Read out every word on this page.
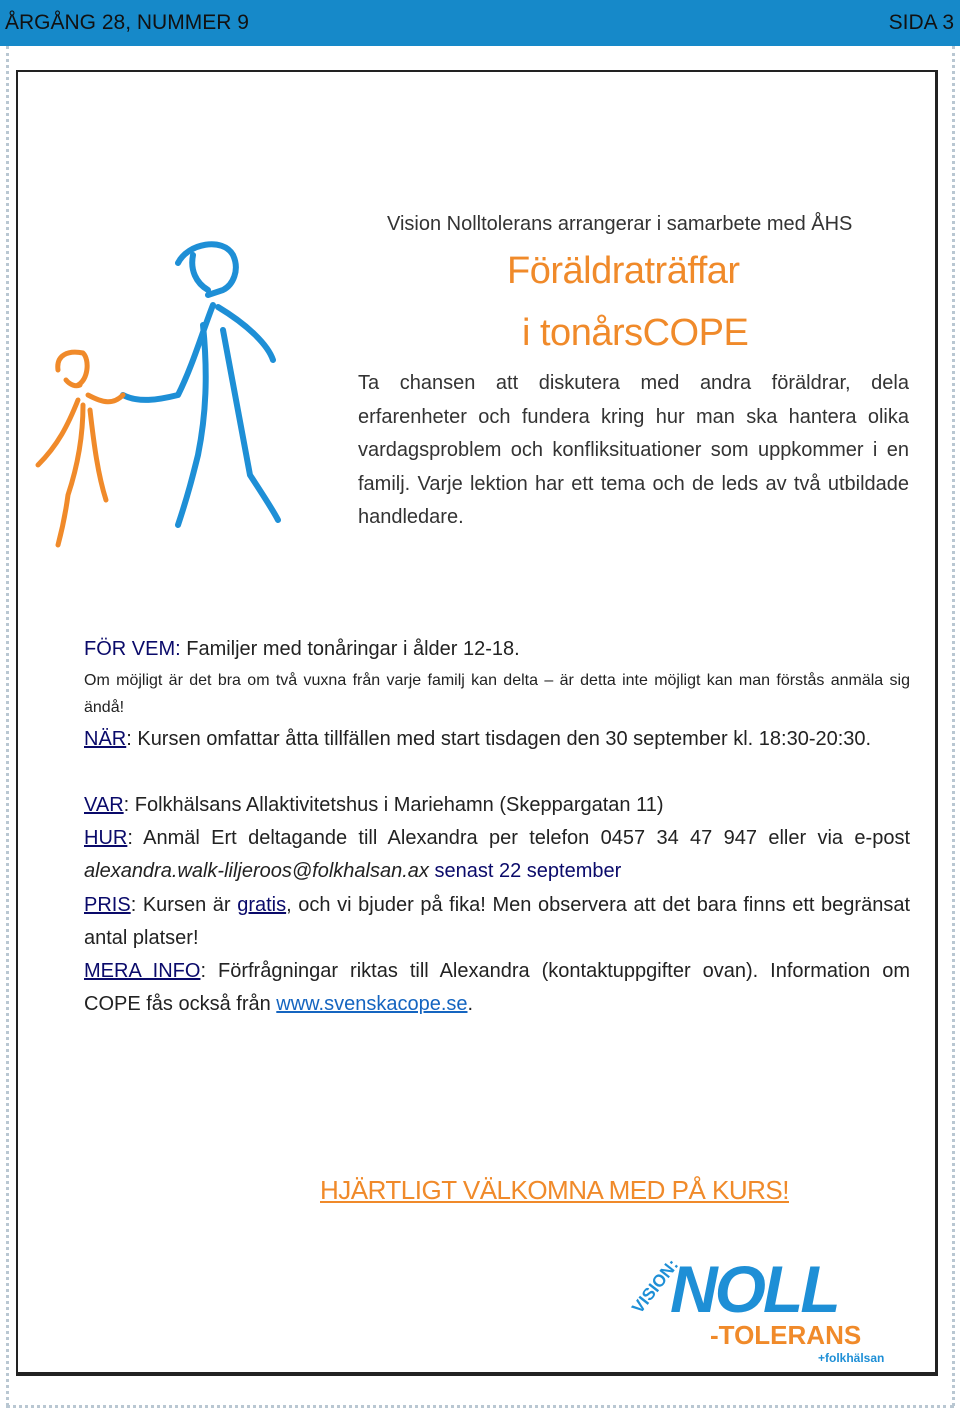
ÅRGÅNG 28, NUMMER 9	SIDA 3
Vision Nolltolerans arrangerar i samarbete med ÅHS
Föräldraträffar
i tonårsCOPE
Ta chansen att diskutera med andra föräldrar, dela erfarenheter och fundera kring hur man ska hantera olika vardagsproblem och konfliksituationer som uppkommer i en familj. Varje lektion har ett tema och de leds av två utbildade handledare.
FÖR VEM: Familjer med tonåringar i ålder 12-18.
Om möjligt är det bra om två vuxna från varje familj kan delta – är detta inte möjligt kan man förstås anmäla sig ändå!
NÄR: Kursen omfattar åtta tillfällen med start tisdagen den 30 september kl. 18:30-20:30.
VAR: Folkhälsans Allaktivitetshus i Mariehamn (Skeppargatan 11)
HUR: Anmäl Ert deltagande till Alexandra per telefon 0457 34 47 947 eller via e-post alexandra.walk-liljeroos@folkhalsan.ax senast 22 september
PRIS: Kursen är gratis, och vi bjuder på fika! Men observera att det bara finns ett begränsat antal platser!
MERA INFO: Förfrågningar riktas till Alexandra (kontaktuppgifter ovan). Information om COPE fås också från www.svenskacope.se.
HJÄRTLIGT VÄLKOMNA MED PÅ KURS!
VISION:
NOLL
-TOLERANS
+folkhälsan
